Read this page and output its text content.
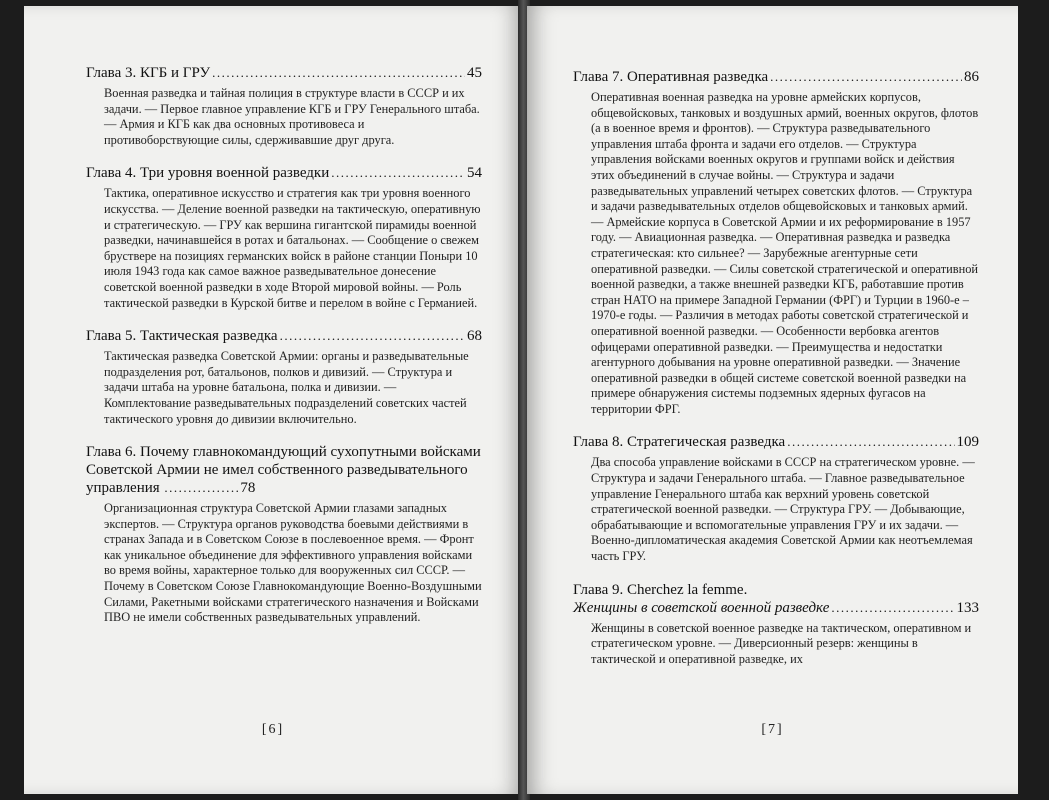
Глава 3. КГБ и ГРУ .....	45
Военная разведка и тайная полиция в структуре власти в СССР и их задачи. — Первое главное управление КГБ и ГРУ Генерального штаба. — Армия и КГБ как два основных противовеса и противоборствующие силы, сдерживавшие друг друга.
Глава 4. Три уровня военной разведки .....	54
Тактика, оперативное искусство и стратегия как три уровня военного искусства. — Деление военной разведки на тактическую, оперативную и стратегическую. — ГРУ как вершина гигантской пирамиды военной разведки, начинавшейся в ротах и батальонах. — Сообщение о свежем бруствере на позициях германских войск в районе станции Поныри 10 июля 1943 года как самое важное разведывательное донесение советской военной разведки в ходе Второй мировой войны. — Роль тактической разведки в Курской битве и перелом в войне с Германией.
Глава 5. Тактическая разведка .....	68
Тактическая разведка Советской Армии: органы и разведывательные подразделения рот, батальонов, полков и дивизий. — Структура и задачи штаба на уровне батальона, полка и дивизии. — Комплектование разведывательных подразделений советских частей тактического уровня до дивизии включительно.
Глава 6. Почему главнокомандующий сухопутными войсками Советской Армии не имел собственного разведывательного управления ................78
Организационная структура Советской Армии глазами западных экспертов. — Структура органов руководства боевыми действиями в странах Запада и в Советском Союзе в послевоенное время. — Фронт как уникальное объединение для эффективного управления войсками во время войны, характерное только для вооруженных сил СССР. — Почему в Советском Союзе Главнокомандующие Военно-Воздушными Силами, Ракетными войсками стратегического назначения и Войсками ПВО не имели собственных разведывательных управлений.
[6]
Глава 7. Оперативная разведка .....	86
Оперативная военная разведка на уровне армейских корпусов, общевойсковых, танковых и воздушных армий, военных округов, флотов (а в военное время и фронтов). — Структура разведывательного управления штаба фронта и задачи его отделов. — Структура управления войсками военных округов и группами войск и действия этих объединений в случае войны. — Структура и задачи разведывательных управлений четырех советских флотов. — Структура и задачи разведывательных отделов общевойсковых и танковых армий. — Армейские корпуса в Советской Армии и их реформирование в 1957 году. — Авиационная разведка. — Оперативная разведка и разведка стратегическая: кто сильнее? — Зарубежные агентурные сети оперативной разведки. — Силы советской стратегической и оперативной военной разведки, а также внешней разведки КГБ, работавшие против стран НАТО на примере Западной Германии (ФРГ) и Турции в 1960-е – 1970-е годы. — Различия в методах работы советской стратегической и оперативной военной разведки. — Особенности вербовка агентов офицерами оперативной разведки. — Преимущества и недостатки агентурного добывания на уровне оперативной разведки. — Значение оперативной разведки в общей системе советской военной разведки на примере обнаружения системы подземных ядерных фугасов на территории ФРГ.
Глава 8. Стратегическая разведка .....	109
Два способа управление войсками в СССР на стратегическом уровне. — Структура и задачи Генерального штаба. — Главное разведывательное управление Генерального штаба как верхний уровень советской стратегической военной разведки. — Структура ГРУ. — Добывающие, обрабатывающие и вспомогательные управления ГРУ и их задачи. — Военно-дипломатическая академия Советской Армии как неотъемлемая часть ГРУ.
Глава 9. Cherchez la femme.
Женщины в советской военной разведке .....	133
Женщины в советской военное разведке на тактическом, оперативном и стратегическом уровне. — Диверсионный резерв: женщины в тактической и оперативной разведке, их
[7]
